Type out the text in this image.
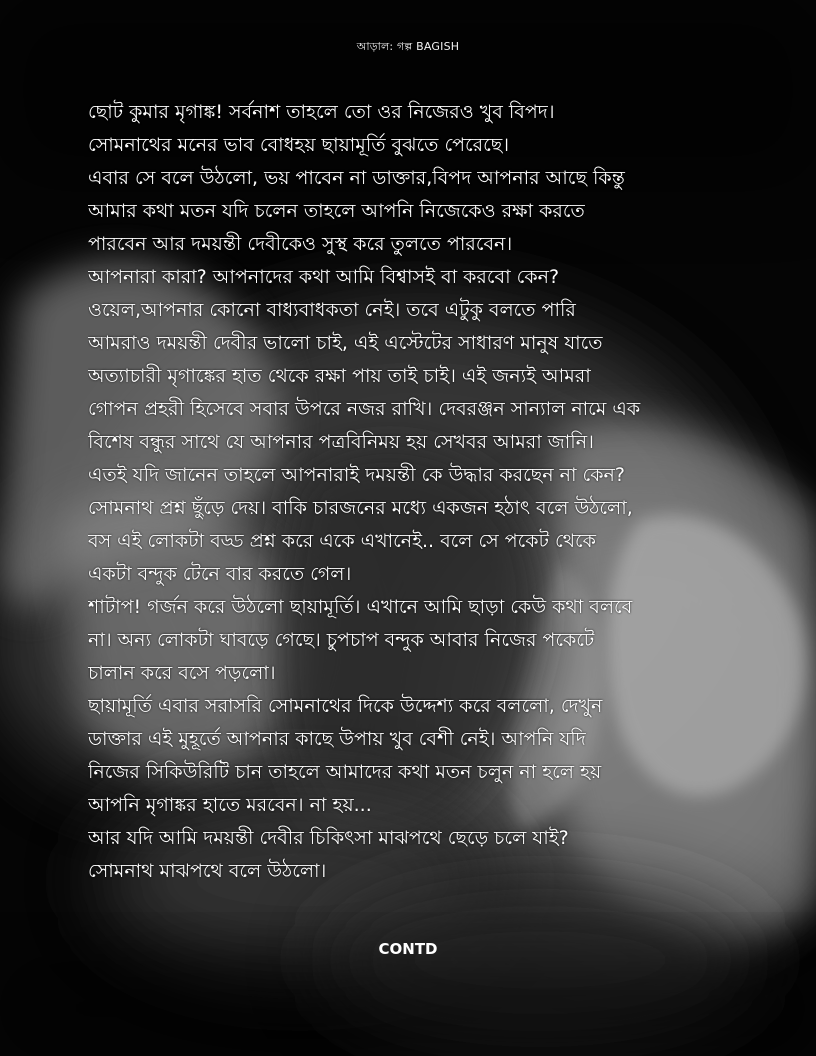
আড়াল: গল্প BAGISH
ছোট কুমার মৃগাঙ্ক! সর্বনাশ তাহলে তো ওর নিজেরও খুব বিপদ।
সোমনাথের মনের ভাব বোধহয় ছায়ামূর্তি বুঝতে পেরেছে।
এবার সে বলে উঠলো, ভয় পাবেন না ডাক্তার,বিপদ আপনার আছে কিন্তু
আমার কথা মতন যদি চলেন তাহলে আপনি নিজেকেও রক্ষা করতে
পারবেন আর দময়ন্তী দেবীকেও সুস্থ করে তুলতে পারবেন।
আপনারা কারা? আপনাদের কথা আমি বিশ্বাসই বা করবো কেন?
ওয়েল,আপনার কোনো বাধ্যবাধকতা নেই। তবে এটুকু বলতে পারি
আমরাও দময়ন্তী দেবীর ভালো চাই, এই এস্টেটের সাধারণ মানুষ যাতে
অত্যাচারী মৃগাঙ্কের হাত থেকে রক্ষা পায় তাই চাই। এই জন্যই আমরা
গোপন প্রহরী হিসেবে সবার উপরে নজর রাখি। দেবরঞ্জন সান্যাল নামে এক
বিশেষ বন্ধুর সাথে যে আপনার পত্রবিনিময় হয় সেখবর আমরা জানি।
এতই যদি জানেন তাহলে আপনারাই দময়ন্তী কে উদ্ধার করছেন না কেন?
সোমনাথ প্রশ্ন ছুঁড়ে দেয়। বাকি চারজনের মধ্যে একজন হঠাৎ বলে উঠলো,
বস এই লোকটা বড্ড প্রশ্ন করে একে এখানেই.. বলে সে পকেট থেকে
একটা বন্দুক টেনে বার করতে গেল।
শাটাপ! গর্জন করে উঠলো ছায়ামূর্তি। এখানে আমি ছাড়া কেউ কথা বলবে
না। অন্য লোকটা ঘাবড়ে গেছে। চুপচাপ বন্দুক আবার নিজের পকেটে
চালান করে বসে পড়লো।
ছায়ামূর্তি এবার সরাসরি সোমনাথের দিকে উদ্দেশ্য করে বললো, দেখুন
ডাক্তার এই মুহূর্তে আপনার কাছে উপায় খুব বেশী নেই। আপনি যদি
নিজের সিকিউরিটি চান তাহলে আমাদের কথা মতন চলুন না হলে হয়
আপনি মৃগাঙ্কর হাতে মরবেন। না হয়...
আর যদি আমি দময়ন্তী দেবীর চিকিৎসা মাঝপথে ছেড়ে চলে যাই?
সোমনাথ মাঝপথে বলে উঠলো।
CONTD
